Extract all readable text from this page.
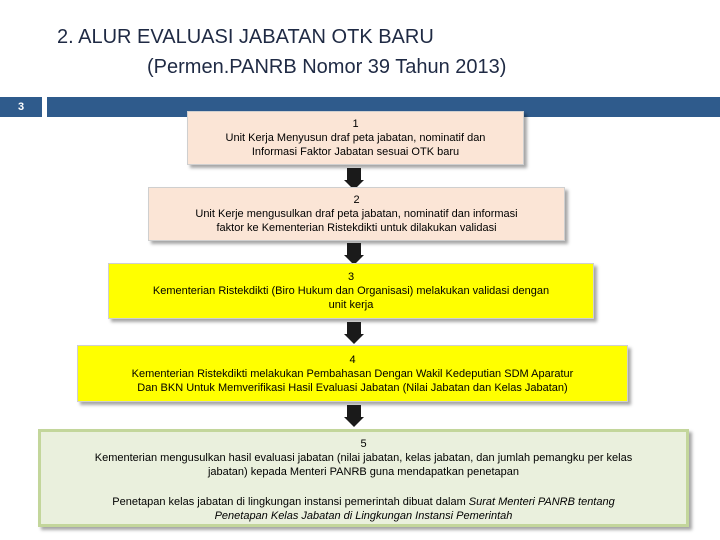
2. ALUR EVALUASI JABATAN OTK BARU
(Permen.PANRB Nomor 39 Tahun 2013)
3
1
Unit Kerja Menyusun draf peta jabatan, nominatif dan
Informasi Faktor Jabatan sesuai OTK baru
2
Unit Kerje mengusulkan draf peta jabatan, nominatif dan informasi
faktor ke Kementerian Ristekdikti untuk dilakukan validasi
3
Kementerian Ristekdikti (Biro Hukum dan Organisasi) melakukan validasi dengan
unit kerja
4
Kementerian Ristekdikti melakukan Pembahasan Dengan Wakil Kedeputian SDM Aparatur
Dan BKN Untuk Memverifikasi Hasil Evaluasi Jabatan (Nilai Jabatan dan Kelas Jabatan)
5
Kementerian mengusulkan hasil evaluasi jabatan (nilai jabatan, kelas jabatan, dan jumlah pemangku per kelas
jabatan) kepada Menteri PANRB guna mendapatkan penetapan
Penetapan kelas jabatan di lingkungan instansi pemerintah dibuat dalam Surat Menteri PANRB tentang
Penetapan Kelas Jabatan di Lingkungan Instansi Pemerintah
